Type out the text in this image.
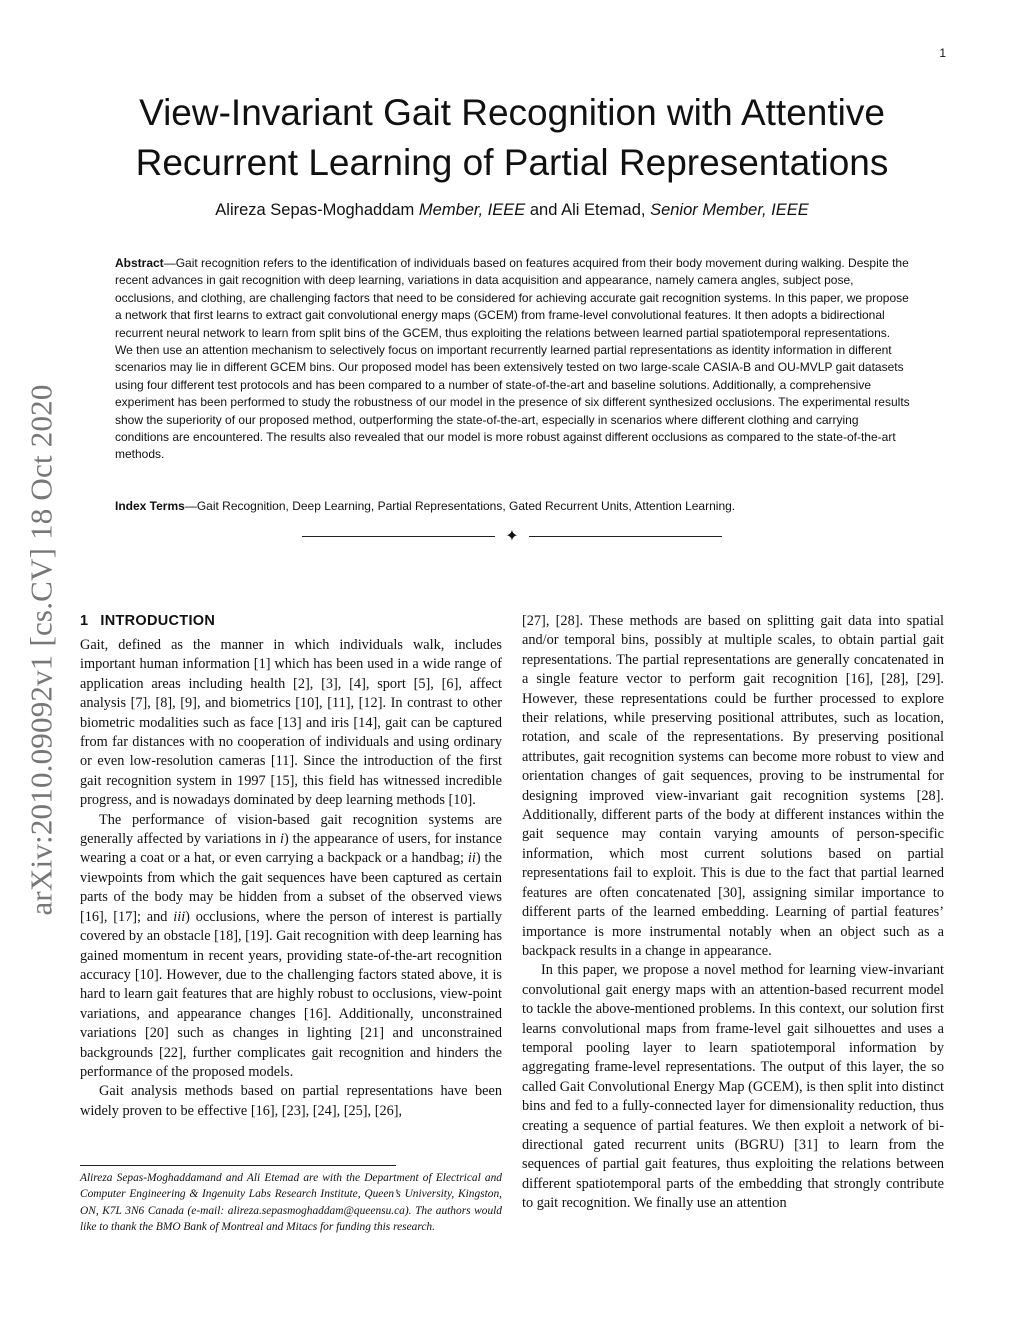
1
arXiv:2010.09092v1 [cs.CV] 18 Oct 2020
View-Invariant Gait Recognition with Attentive Recurrent Learning of Partial Representations
Alireza Sepas-Moghaddam Member, IEEE and Ali Etemad, Senior Member, IEEE

Abstract—Gait recognition refers to the identification of individuals based on features acquired from their body movement during walking. Despite the recent advances in gait recognition with deep learning, variations in data acquisition and appearance, namely camera angles, subject pose, occlusions, and clothing, are challenging factors that need to be considered for achieving accurate gait recognition systems. In this paper, we propose a network that first learns to extract gait convolutional energy maps (GCEM) from frame-level convolutional features. It then adopts a bidirectional recurrent neural network to learn from split bins of the GCEM, thus exploiting the relations between learned partial spatiotemporal representations. We then use an attention mechanism to selectively focus on important recurrently learned partial representations as identity information in different scenarios may lie in different GCEM bins. Our proposed model has been extensively tested on two large-scale CASIA-B and OU-MVLP gait datasets using four different test protocols and has been compared to a number of state-of-the-art and baseline solutions. Additionally, a comprehensive experiment has been performed to study the robustness of our model in the presence of six different synthesized occlusions. The experimental results show the superiority of our proposed method, outperforming the state-of-the-art, especially in scenarios where different clothing and carrying conditions are encountered. The results also revealed that our model is more robust against different occlusions as compared to the state-of-the-art methods.

Index Terms—Gait Recognition, Deep Learning, Partial Representations, Gated Recurrent Units, Attention Learning.

✦
1 INTRODUCTION

Gait, defined as the manner in which individuals walk, includes important human information [1] which has been used in a wide range of application areas including health [2], [3], [4], sport [5], [6], affect analysis [7], [8], [9], and biometrics [10], [11], [12]. In contrast to other biometric modalities such as face [13] and iris [14], gait can be captured from far distances with no cooperation of individuals and using ordinary or even low-resolution cameras [11]. Since the introduction of the first gait recognition system in 1997 [15], this field has witnessed incredible progress, and is nowadays dominated by deep learning methods [10].

The performance of vision-based gait recognition systems are generally affected by variations in i) the appearance of users, for instance wearing a coat or a hat, or even carrying a backpack or a handbag; ii) the viewpoints from which the gait sequences have been captured as certain parts of the body may be hidden from a subset of the observed views [16], [17]; and iii) occlusions, where the person of interest is partially covered by an obstacle [18], [19]. Gait recognition with deep learning has gained momentum in recent years, providing state-of-the-art recognition accuracy [10]. However, due to the challenging factors stated above, it is hard to learn gait features that are highly robust to occlusions, view-point variations, and appearance changes [16]. Additionally, unconstrained variations [20] such as changes in lighting [21] and unconstrained backgrounds [22], further complicates gait recognition and hinders the performance of the proposed models.

Gait analysis methods based on partial representations have been widely proven to be effective [16], [23], [24], [25], [26],

Alireza Sepas-Moghaddamand and Ali Etemad are with the Department of Electrical and Computer Engineering & Ingenuity Labs Research Institute, Queen’s University, Kingston, ON, K7L 3N6 Canada (e-mail: alireza.sepasmoghaddam@queensu.ca). The authors would like to thank the BMO Bank of Montreal and Mitacs for funding this research.

[27], [28]. These methods are based on splitting gait data into spatial and/or temporal bins, possibly at multiple scales, to obtain partial gait representations. The partial representations are generally concatenated in a single feature vector to perform gait recognition [16], [28], [29]. However, these representations could be further processed to explore their relations, while preserving positional attributes, such as location, rotation, and scale of the representations. By preserving positional attributes, gait recognition systems can become more robust to view and orientation changes of gait sequences, proving to be instrumental for designing improved view-invariant gait recognition systems [28]. Additionally, different parts of the body at different instances within the gait sequence may contain varying amounts of person-specific information, which most current solutions based on partial representations fail to exploit. This is due to the fact that partial learned features are often concatenated [30], assigning similar importance to different parts of the learned embedding. Learning of partial features’ importance is more instrumental notably when an object such as a backpack results in a change in appearance.

In this paper, we propose a novel method for learning view-invariant convolutional gait energy maps with an attention-based recurrent model to tackle the above-mentioned problems. In this context, our solution first learns convolutional maps from frame-level gait silhouettes and uses a temporal pooling layer to learn spatiotemporal information by aggregating frame-level representations. The output of this layer, the so called Gait Convolutional Energy Map (GCEM), is then split into distinct bins and fed to a fully-connected layer for dimensionality reduction, thus creating a sequence of partial features. We then exploit a network of bi-directional gated recurrent units (BGRU) [31] to learn from the sequences of partial gait features, thus exploiting the relations between different spatiotemporal parts of the embedding that strongly contribute to gait recognition. We finally use an attention
